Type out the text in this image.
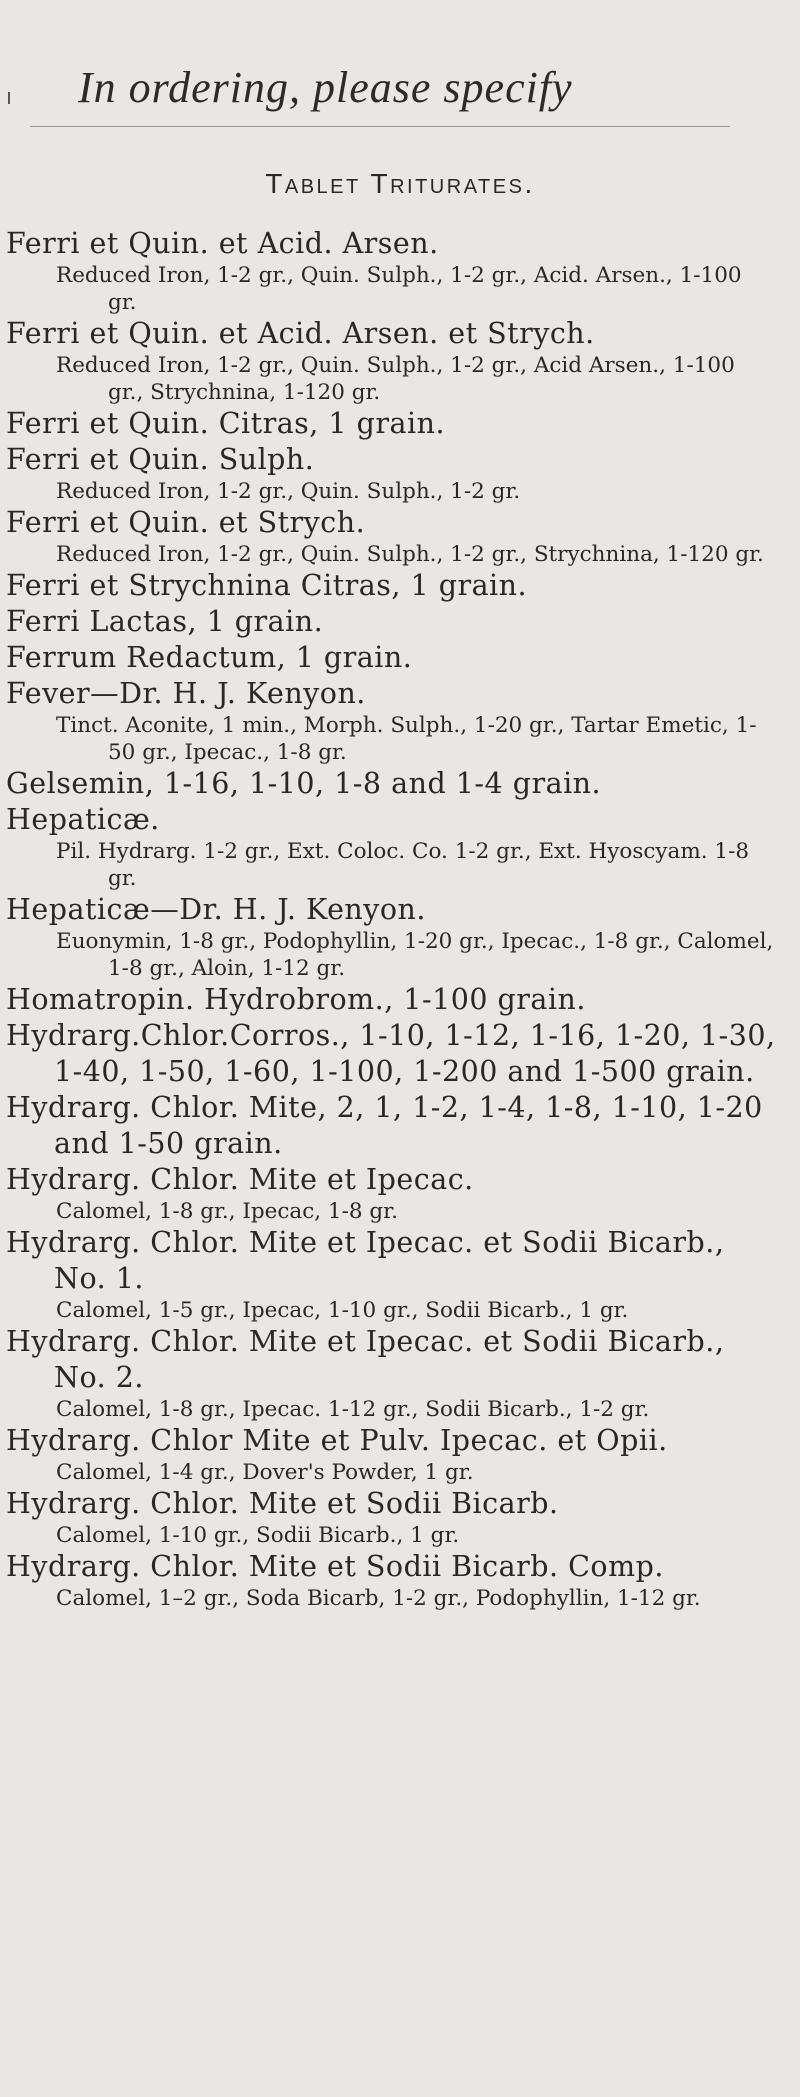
In ordering, please specify
Tablet Triturates.
Ferri et Quin. et Acid. Arsen.
Reduced Iron, 1-2 gr., Quin. Sulph., 1-2 gr., Acid. Arsen., 1-100 gr.
Ferri et Quin. et Acid. Arsen. et Strych.
Reduced Iron, 1-2 gr., Quin. Sulph., 1-2 gr., Acid Arsen., 1-100 gr., Strychnina, 1-120 gr.
Ferri et Quin. Citras, 1 grain.
Ferri et Quin. Sulph.
Reduced Iron, 1-2 gr., Quin. Sulph., 1-2 gr.
Ferri et Quin. et Strych.
Reduced Iron, 1-2 gr., Quin. Sulph., 1-2 gr., Strychnina, 1-120 gr.
Ferri et Strychnina Citras, 1 grain.
Ferri Lactas, 1 grain.
Ferrum Redactum, 1 grain.
Fever—Dr. H. J. Kenyon.
Tinct. Aconite, 1 min., Morph. Sulph., 1-20 gr., Tartar Emetic, 1-50 gr., Ipecac., 1-8 gr.
Gelsemin, 1-16, 1-10, 1-8 and 1-4 grain.
Hepaticæ.
Pil. Hydrarg. 1-2 gr., Ext. Coloc. Co. 1-2 gr., Ext. Hyoscyam. 1-8 gr.
Hepaticæ—Dr. H. J. Kenyon.
Euonymin, 1-8 gr., Podophyllin, 1-20 gr., Ipecac., 1-8 gr., Calomel, 1-8 gr., Aloin, 1-12 gr.
Homatropin. Hydrobrom., 1-100 grain.
Hydrarg.Chlor.Corros., 1-10, 1-12, 1-16, 1-20, 1-30, 1-40, 1-50, 1-60, 1-100, 1-200 and 1-500 grain.
Hydrarg. Chlor. Mite, 2, 1, 1-2, 1-4, 1-8, 1-10, 1-20 and 1-50 grain.
Hydrarg. Chlor. Mite et Ipecac.
Calomel, 1-8 gr., Ipecac, 1-8 gr.
Hydrarg. Chlor. Mite et Ipecac. et Sodii Bicarb., No. 1.
Calomel, 1-5 gr., Ipecac, 1-10 gr., Sodii Bicarb., 1 gr.
Hydrarg. Chlor. Mite et Ipecac. et Sodii Bicarb., No. 2.
Calomel, 1-8 gr., Ipecac. 1-12 gr., Sodii Bicarb., 1-2 gr.
Hydrarg. Chlor Mite et Pulv. Ipecac. et Opii.
Calomel, 1-4 gr., Dover's Powder, 1 gr.
Hydrarg. Chlor. Mite et Sodii Bicarb.
Calomel, 1-10 gr., Sodii Bicarb., 1 gr.
Hydrarg. Chlor. Mite et Sodii Bicarb. Comp.
Calomel, 1–2 gr., Soda Bicarb, 1-2 gr., Podophyllin, 1-12 gr.
